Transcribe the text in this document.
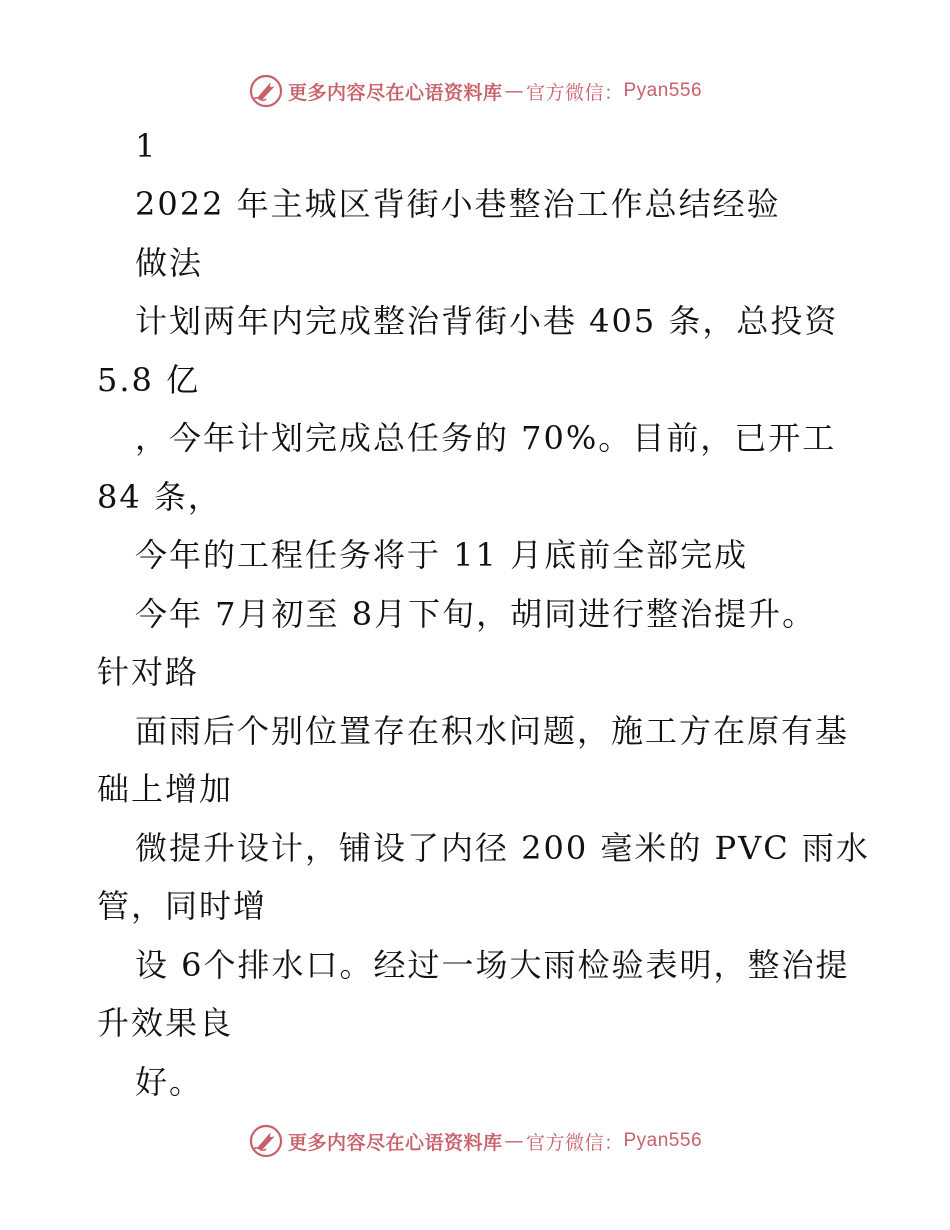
更多内容尽在心语资料库 — 官方微信： Pyan556
1
2022 年主城区背街小巷整治工作总结经验
做法
计划两年内完成整治背街小巷 405 条，总投资
5.8 亿
，今年计划完成总任务的 70%。目前，已开工
84 条，
今年的工程任务将于 11 月底前全部完成
今年 7月初至 8月下旬，胡同进行整治提升。
针对路
面雨后个别位置存在积水问题，施工方在原有基
础上增加
微提升设计，铺设了内径 200 毫米的 PVC 雨水
管，同时增
设 6个排水口。经过一场大雨检验表明，整治提
升效果良
好。
更多内容尽在心语资料库 — 官方微信： Pyan556
